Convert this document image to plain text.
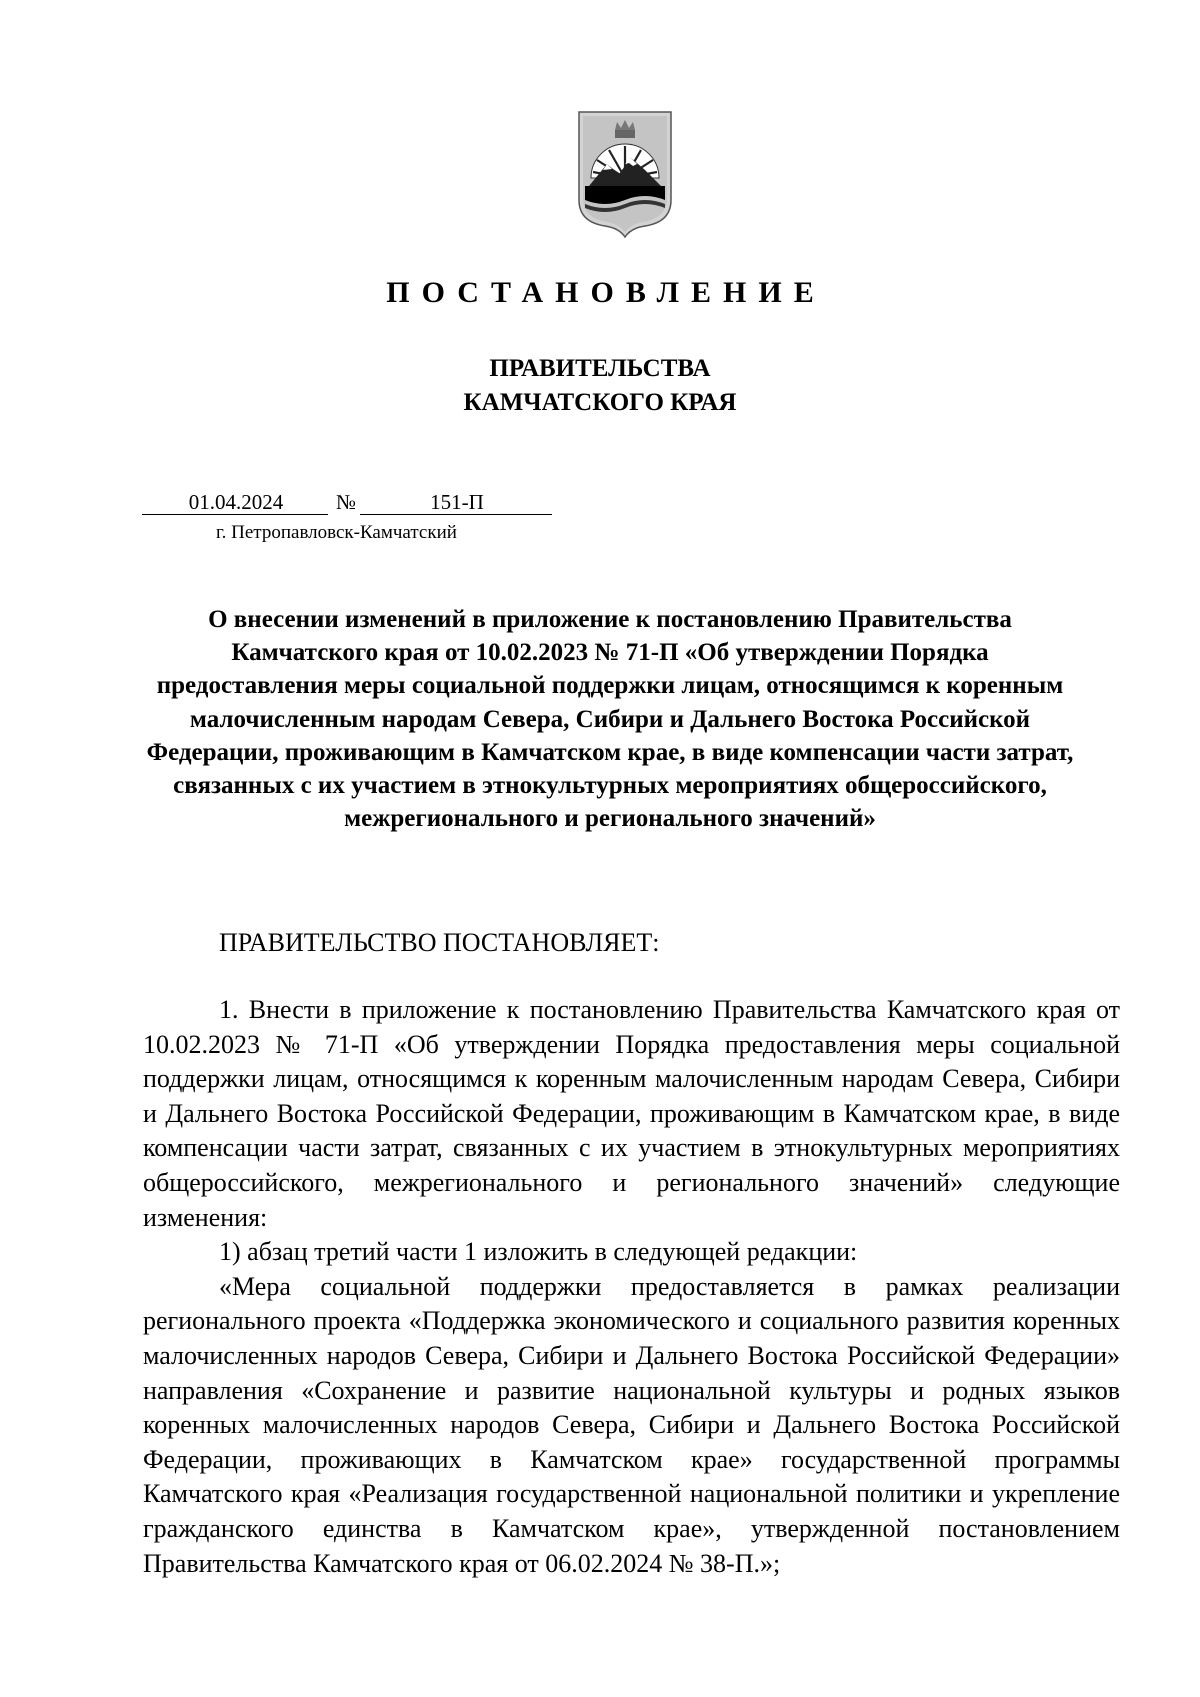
ПОСТАНОВЛЕНИЕ
ПРАВИТЕЛЬСТВА
КАМЧАТСКОГО КРАЯ
01.04.2024	№	151-П
г. Петропавловск-Камчатский
О внесении изменений в приложение к постановлению Правительства Камчатского края от 10.02.2023 № 71-П «Об утверждении Порядка предоставления меры социальной поддержки лицам, относящимся к коренным малочисленным народам Севера, Сибири и Дальнего Востока Российской Федерации, проживающим в Камчатском крае, в виде компенсации части затрат, связанных с их участием в этнокультурных мероприятиях общероссийского, межрегионального и регионального значений»
ПРАВИТЕЛЬСТВО ПОСТАНОВЛЯЕТ:

1. Внести в приложение к постановлению Правительства Камчатского края от 10.02.2023 № 71-П «Об утверждении Порядка предоставления меры социальной поддержки лицам, относящимся к коренным малочисленным народам Севера, Сибири и Дальнего Востока Российской Федерации, проживающим в Камчатском крае, в виде компенсации части затрат, связанных с их участием в этнокультурных мероприятиях общероссийского, межрегионального и регионального значений» следующие изменения:

1) абзац третий части 1 изложить в следующей редакции:

«Мера социальной поддержки предоставляется в рамках реализации регионального проекта «Поддержка экономического и социального развития коренных малочисленных народов Севера, Сибири и Дальнего Востока Российской Федерации» направления «Сохранение и развитие национальной культуры и родных языков коренных малочисленных народов Севера, Сибири и Дальнего Востока Российской Федерации, проживающих в Камчатском крае» государственной программы Камчатского края «Реализация государственной национальной политики и укрепление гражданского единства в Камчатском крае», утвержденной постановлением Правительства Камчатского края от 06.02.2024 № 38-П.»;
